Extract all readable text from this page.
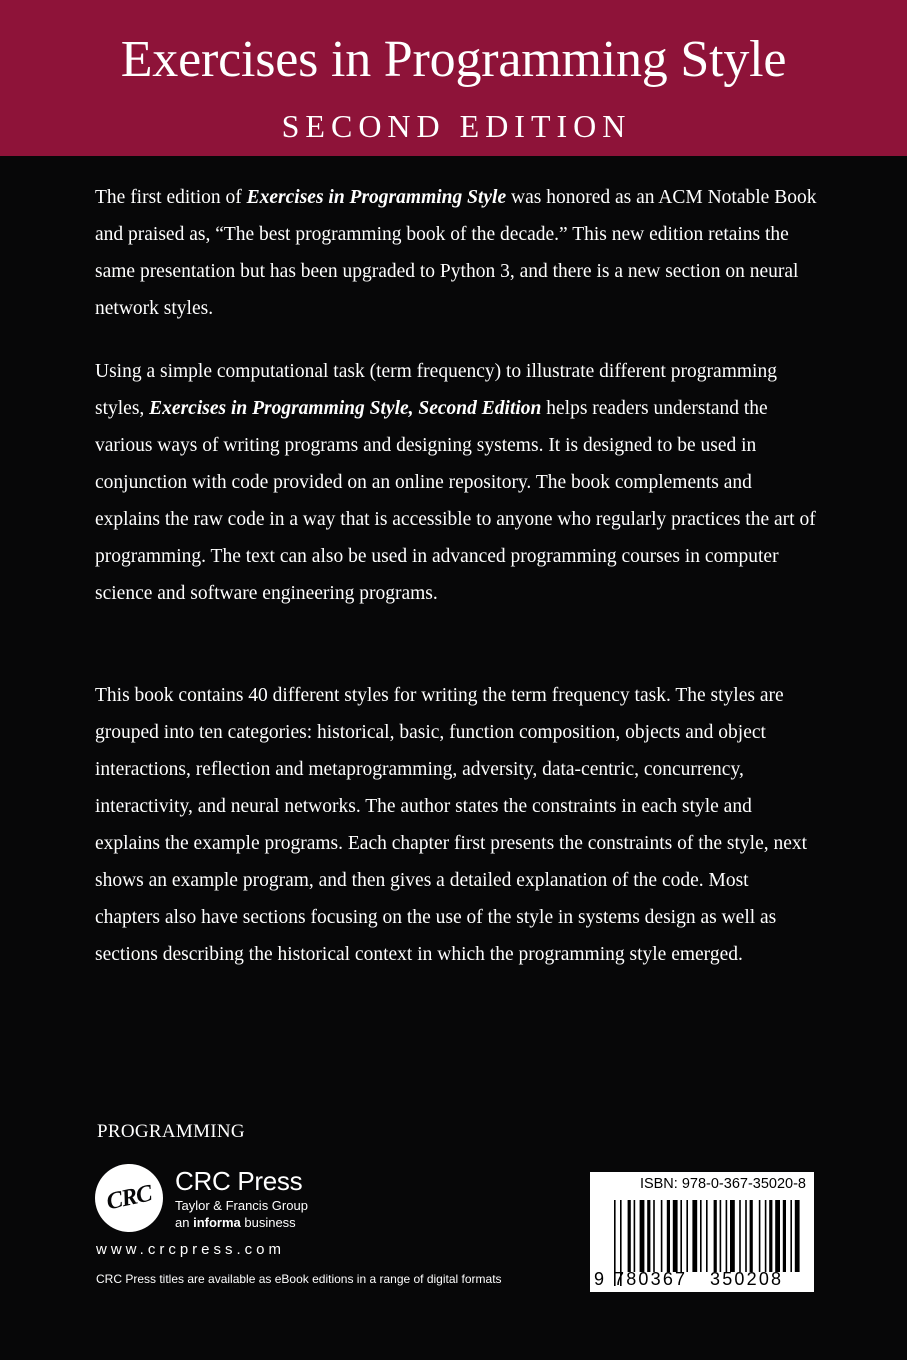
Exercises in Programming Style
SECOND EDITION

The first edition of Exercises in Programming Style was honored as an ACM Notable Book and praised as, “The best programming book of the decade.” This new edition retains the same presentation but has been upgraded to Python 3, and there is a new section on neural network styles.

Using a simple computational task (term frequency) to illustrate different programming styles, Exercises in Programming Style, Second Edition helps readers understand the various ways of writing programs and designing systems. It is designed to be used in conjunction with code provided on an online repository. The book complements and explains the raw code in a way that is accessible to anyone who regularly practices the art of programming. The text can also be used in advanced programming courses in computer science and software engineering programs.

This book contains 40 different styles for writing the term frequency task. The styles are grouped into ten categories: historical, basic, function composition, objects and object interactions, reflection and metaprogramming, adversity, data-centric, concurrency, interactivity, and neural networks. The author states the constraints in each style and explains the example programs. Each chapter first presents the constraints of the style, next shows an example program, and then gives a detailed explanation of the code. Most chapters also have sections focusing on the use of the style in systems design as well as sections describing the historical context in which the programming style emerged.

PROGRAMMING
CRC CRC Press
Taylor & Francis Group
an informa business
www.crcpress.com
CRC Press titles are available as eBook editions in a range of digital formats
ISBN: 978-0-367-35020-8
9 780367 350208
